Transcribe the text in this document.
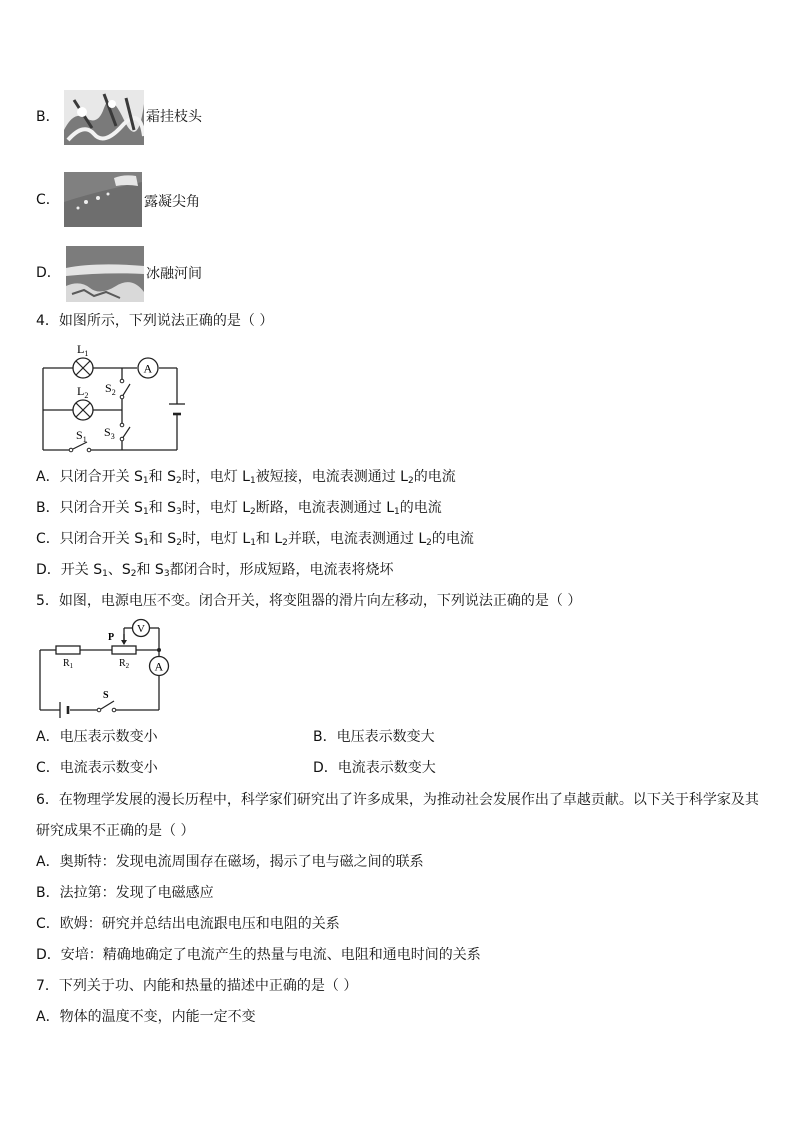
B．	霜挂枝头
C．	露凝尖角
D．	冰融河间
4．如图所示，下列说法正确的是（ ）
$L_1$
$L_2$
A
$S_2$
$S_3$
$S_1$
A．只闭合开关 $S_1$和 $S_2$时，电灯 $L_1$被短接，电流表测通过 $L_2$的电流
B．只闭合开关 $S_1$和 $S_3$时，电灯 $L_2$断路，电流表测通过 $L_1$的电流
C．只闭合开关 $S_1$和 $S_2$时，电灯 $L_1$和 $L_2$并联，电流表测通过 $L_2$的电流
D．开关 $S_1$、$S_2$和 $S_3$都闭合时，形成短路，电流表将烧坏
5．如图，电源电压不变。闭合开关，将变阻器的滑片向左移动，下列说法正确的是（ ）
$R_1$	$R_2$
P
V
A
S
A．电压表示数变小	B．电压表示数变大
C．电流表示数变小	D．电流表示数变大
6．在物理学发展的漫长历程中，科学家们研究出了许多成果，为推动社会发展作出了卓越贡献。以下关于科学家及其
研究成果不正确的是（ ）
A．奥斯特：发现电流周围存在磁场，揭示了电与磁之间的联系
B．法拉第：发现了电磁感应
C．欧姆：研究并总结出电流跟电压和电阻的关系
D．安培：精确地确定了电流产生的热量与电流、电阻和通电时间的关系
7．下列关于功、内能和热量的描述中正确的是（ ）
A．物体的温度不变，内能一定不变
